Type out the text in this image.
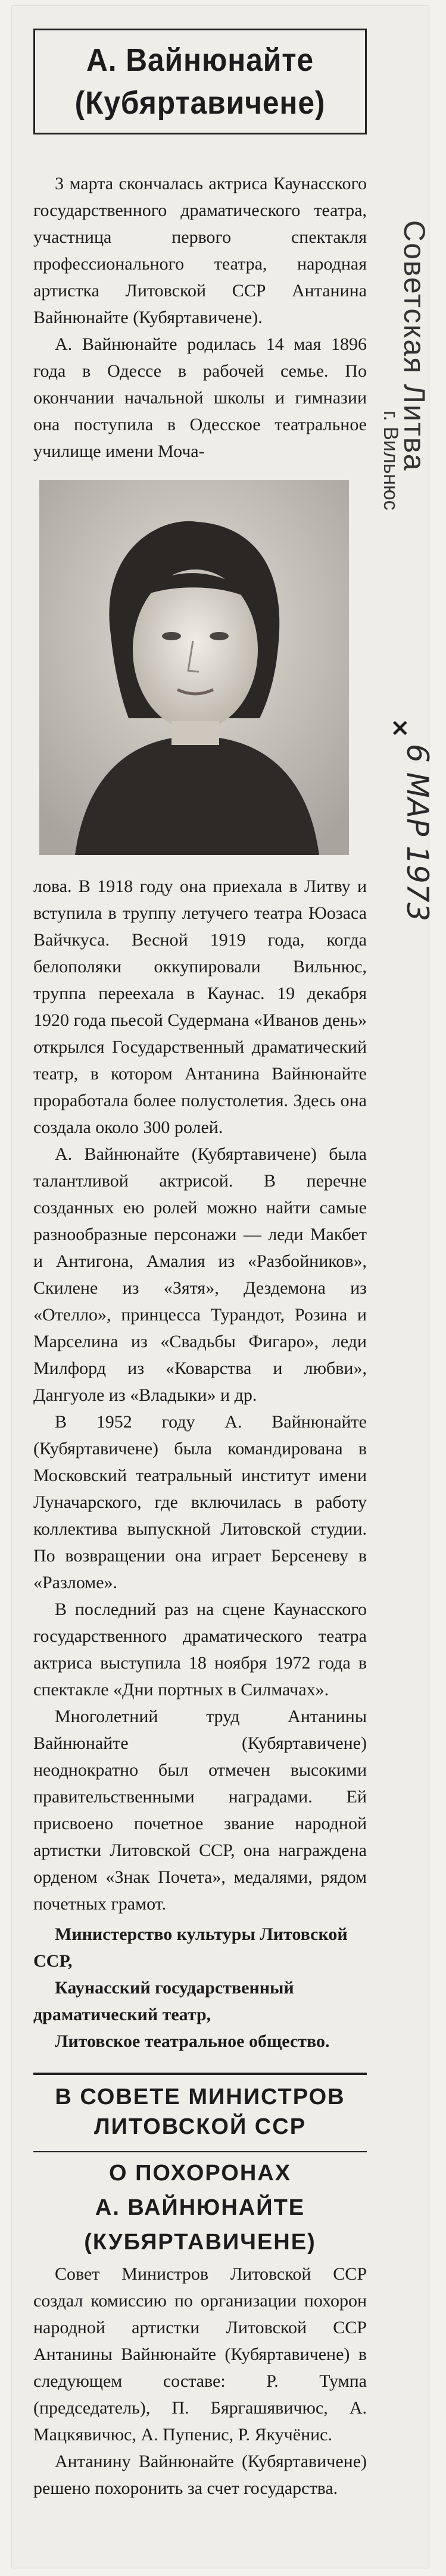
А. Вайнюнайте
(Кубяртавичене)

3 марта скончалась актриса Каунасского государственного драматического театра, участница первого спектакля профессионального театра, народная артистка Литовской ССР Антанина Вайнюнайте (Кубяртавичене).

А. Вайнюнайте родилась 14 мая 1896 года в Одессе в рабочей семье. По окончании начальной школы и гимназии она поступила в Одесское театральное училище имени Моча-

лова. В 1918 году она приехала в Литву и вступила в труппу летучего театра Юозаса Вайчкуса. Весной 1919 года, когда белополяки оккупировали Вильнюс, труппа переехала в Каунас. 19 декабря 1920 года пьесой Судермана «Иванов день» открылся Государственный драматический театр, в котором Антанина Вайнюнайте проработала более полустолетия. Здесь она создала около 300 ролей.

А. Вайнюнайте (Кубяртавичене) была талантливой актрисой. В перечне созданных ею ролей можно найти самые разнообразные персонажи — леди Макбет и Антигона, Амалия из «Разбойников», Скилене из «Зятя», Дездемона из «Отелло», принцесса Турандот, Розина и Марселина из «Свадьбы Фигаро», леди Милфорд из «Коварства и любви», Дангуоле из «Владыки» и др.

В 1952 году А. Вайнюнайте (Кубяртавичене) была командирована в Московский театральный институт имени Луначарского, где включилась в работу коллектива выпускной Литовской студии. По возвращении она играет Берсеневу в «Разломе».

В последний раз на сцене Каунасского государственного драматического театра актриса выступила 18 ноября 1972 года в спектакле «Дни портных в Силмачах».

Многолетний труд Антанины Вайнюнайте (Кубяртавичене) неоднократно был отмечен высокими правительственными наградами. Ей присвоено почетное звание народной артистки Литовской ССР, она награждена орденом «Знак Почета», медалями, рядом почетных грамот.

Министерство культуры Литовской ССР,

Каунасский государственный драматический театр,

Литовское театральное общество.

В СОВЕТЕ МИНИСТРОВ
ЛИТОВСКОЙ ССР
О ПОХОРОНАХ
А. ВАЙНЮНАЙТЕ
(КУБЯРТАВИЧЕНЕ)

Совет Министров Литовской ССР создал комиссию по организации похорон народной артистки Литовской ССР Антанины Вайнюнайте (Кубяртавичене) в следующем составе: Р. Тумпа (председатель), П. Бяргашявичюс, А. Мацкявичюс, А. Пупенис, Р. Якучёнис.

Антанину Вайнюнайте (Кубяртавичене) решено похоронить за счет государства.

Советская Литва
г. Вильнюс
×
6 МАР 1973
